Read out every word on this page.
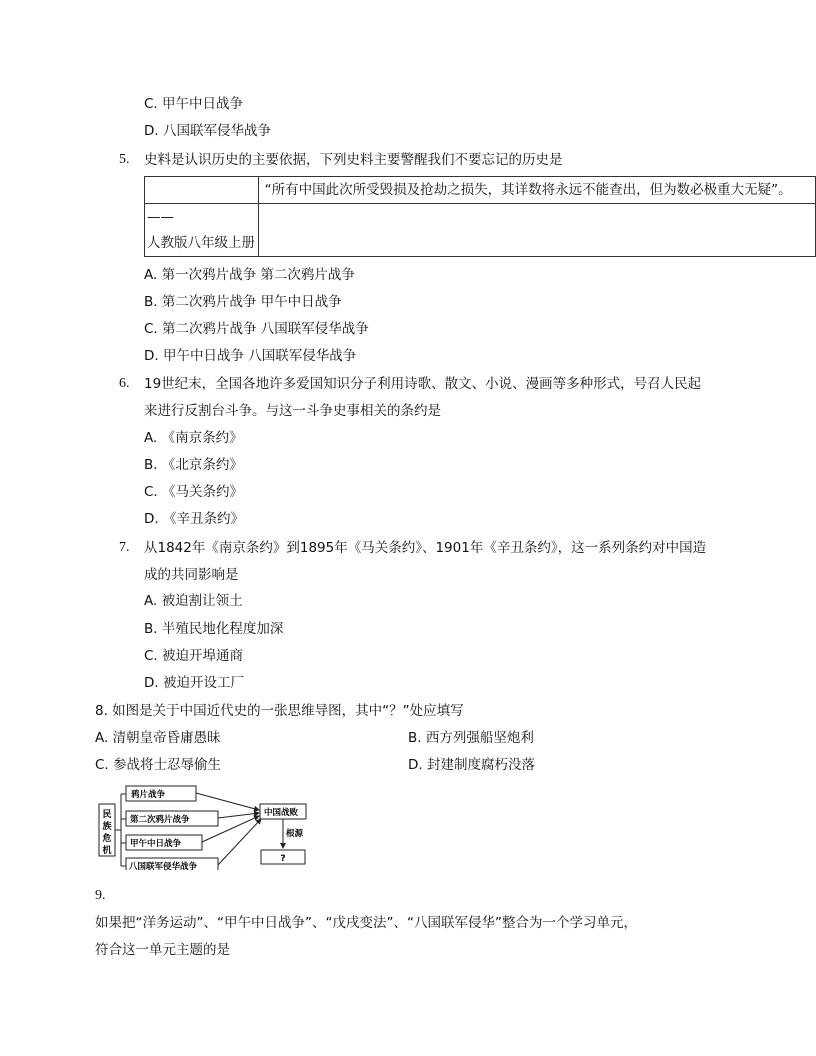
C. 甲午中日战争
D. 八国联军侵华战争
5. 史料是认识历史的主要依据，下列史料主要警醒我们不要忘记的历史是

	“所有中国此次所受毁损及抢劫之损失，其详数将永远不能查出，但为数必极重大无疑”。

——
人教版八年级上册	

A. 第一次鸦片战争 第二次鸦片战争
B. 第二次鸦片战争 甲午中日战争
C. 第二次鸦片战争 八国联军侵华战争
D. 甲午中日战争 八国联军侵华战争
6. 19世纪末，全国各地许多爱国知识分子利用诗歌、散文、小说、漫画等多种形式，号召人民起
来进行反割台斗争。与这一斗争史事相关的条约是
A. 《南京条约》
B. 《北京条约》
C. 《马关条约》
D. 《辛丑条约》
7. 从1842年《南京条约》到1895年《马关条约》、1901年《辛丑条约》，这一系列条约对中国造
成的共同影响是
A. 被迫割让领土
B. 半殖民地化程度加深
C. 被迫开埠通商
D. 被迫开设工厂
8. 如图是关于中国近代史的一张思维导图，其中“？”处应填写
A. 清朝皇帝昏庸愚昧	B. 西方列强船坚炮利
C. 参战将士忍辱偷生	D. 封建制度腐朽没落
民
族
危
机
鸦片战争
第二次鸦片战争
甲午中日战争
八国联军侵华战争
中国战败
根源
?
9.
如果把“洋务运动”、“甲午中日战争”、“戊戌变法”、“八国联军侵华”整合为一个学习单元，
符合这一单元主题的是
